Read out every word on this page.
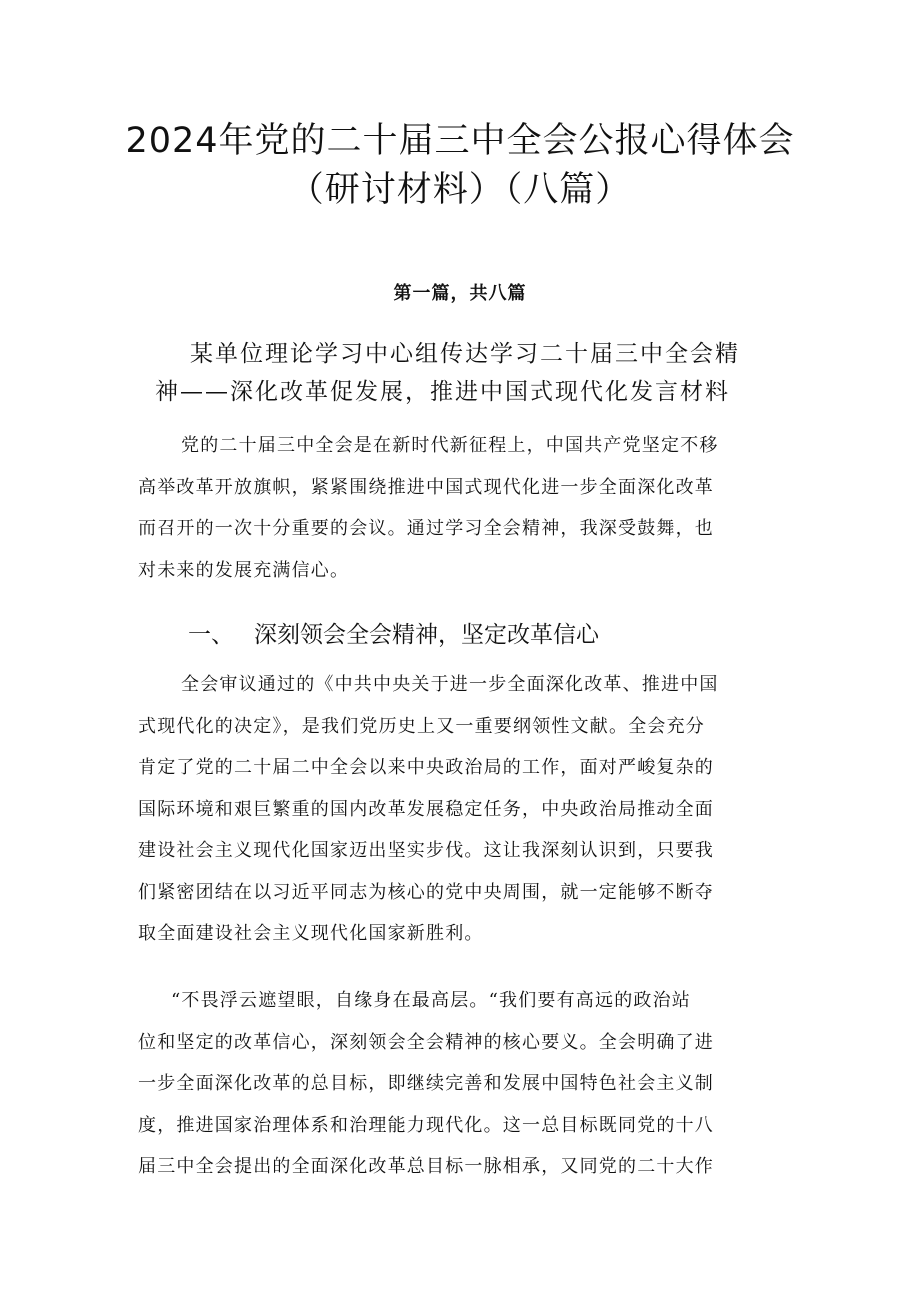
2024年党的二十届三中全会公报心得体会
（研讨材料）（八篇）
第一篇，共八篇
某单位理论学习中心组传达学习二十届三中全会精
神——深化改革促发展，推进中国式现代化发言材料
党的二十届三中全会是在新时代新征程上，中国共产党坚定不移
高举改革开放旗帜，紧紧围绕推进中国式现代化进一步全面深化改革
而召开的一次十分重要的会议。通过学习全会精神，我深受鼓舞，也
对未来的发展充满信心。
一、 深刻领会全会精神，坚定改革信心
全会审议通过的《中共中央关于进一步全面深化改革、推进中国
式现代化的决定》，是我们党历史上又一重要纲领性文献。全会充分
肯定了党的二十届二中全会以来中央政治局的工作，面对严峻复杂的
国际环境和艰巨繁重的国内改革发展稳定任务，中央政治局推动全面
建设社会主义现代化国家迈出坚实步伐。这让我深刻认识到，只要我
们紧密团结在以习近平同志为核心的党中央周围，就一定能够不断夺
取全面建设社会主义现代化国家新胜利。
“不畏浮云遮望眼，自缘身在最高层。“我们要有高远的政治站
位和坚定的改革信心，深刻领会全会精神的核心要义。全会明确了进
一步全面深化改革的总目标，即继续完善和发展中国特色社会主义制
度，推进国家治理体系和治理能力现代化。这一总目标既同党的十八
届三中全会提出的全面深化改革总目标一脉相承，又同党的二十大作
